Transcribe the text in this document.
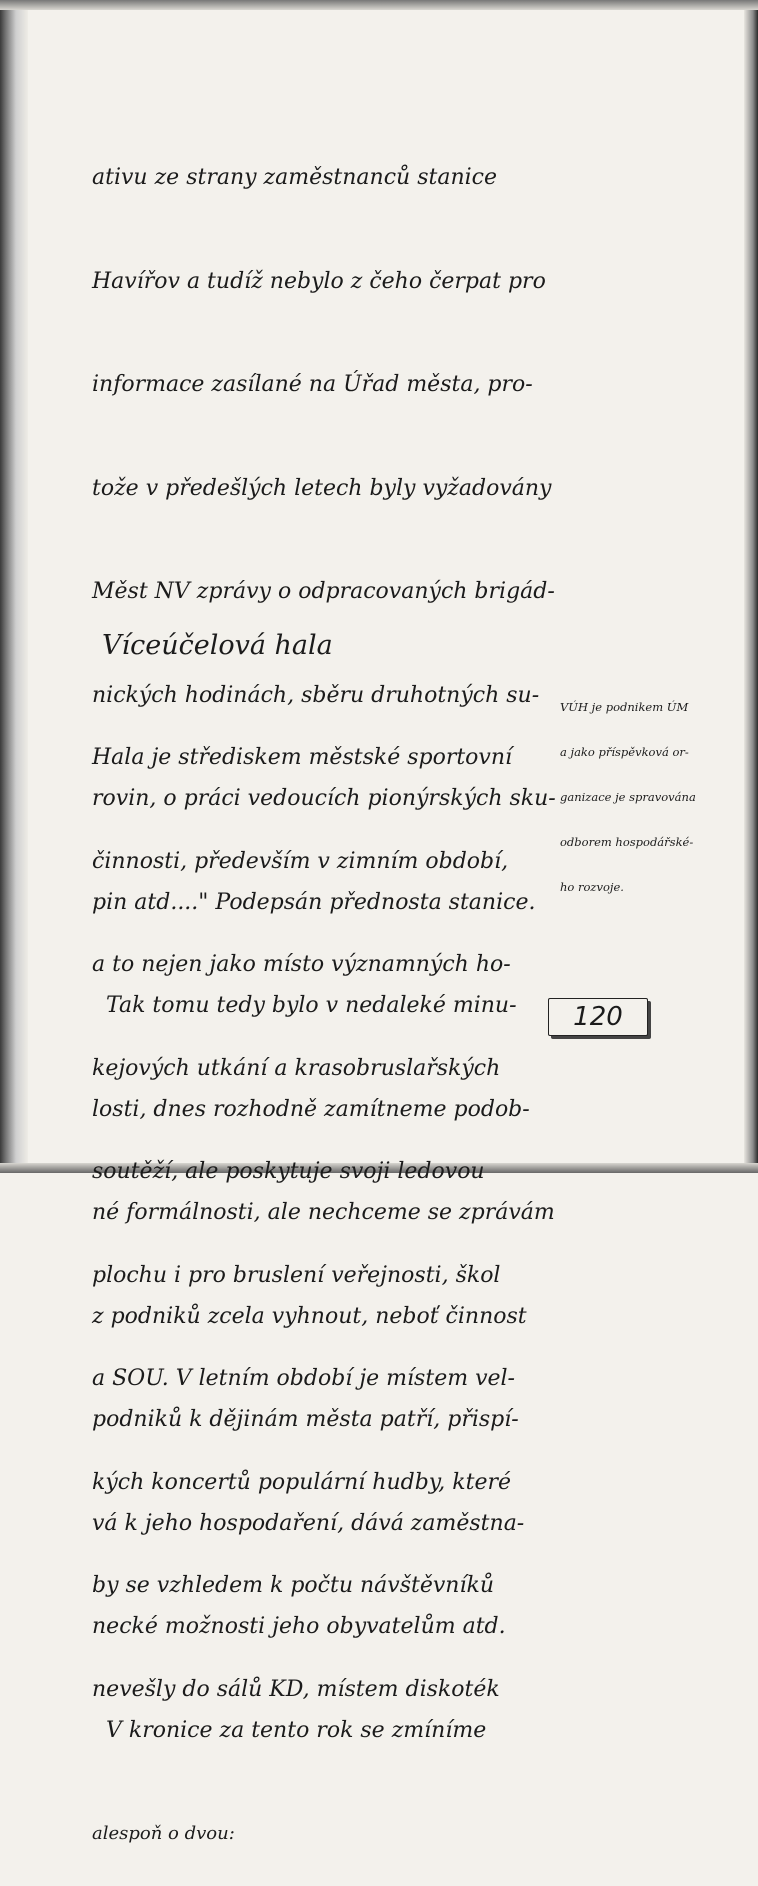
ativu ze strany zaměstnanců stanice

Havířov a tudíž nebylo z čeho čerpat pro

informace zasílané na Úřad města, pro-

tože v předešlých letech byly vyžadovány

Měst NV zprávy o odpracovaných brigád-

nických hodinách, sběru druhotných su-

rovin, o práci vedoucích pionýrských sku-

pin atd...." Podepsán přednosta stanice.

Tak tomu tedy bylo v nedaleké minu-

losti, dnes rozhodně zamítneme podob-

né formálnosti, ale nechceme se zprávám

z podniků zcela vyhnout, neboť činnost

podniků k dějinám města patří, přispí-

vá k jeho hospodaření, dává zaměstna-

necké možnosti jeho obyvatelům atd.

V kronice za tento rok se zmíníme

alespoň o dvou:

Víceúčelová hala

Hala je střediskem městské sportovní

činnosti, především v zimním období,

a to nejen jako místo významných ho-

kejových utkání a krasobruslařských

soutěží, ale poskytuje svoji ledovou

plochu i pro bruslení veřejnosti, škol

a SOU. V letním období je místem vel-

kých koncertů populární hudby, které

by se vzhledem k počtu návštěvníků

nevešly do sálů KD, místem diskoték

VÚH je podnikem ÚM

a jako příspěvková or-

ganizace je spravována

odborem hospodářské-

ho rozvoje.

120
